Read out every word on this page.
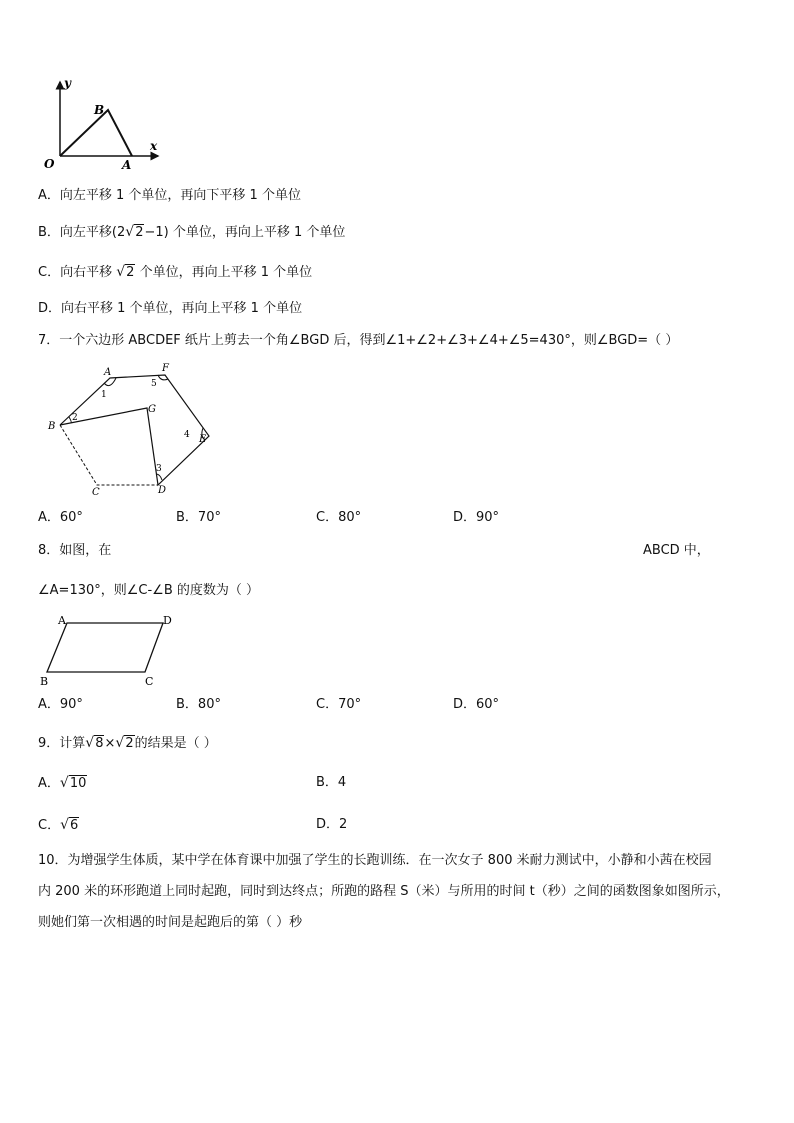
y
x
O	A
B
A．向左平移 1 个单位，再向下平移 1 个单位
B．向左平移(2√2−1) 个单位，再向上平移 1 个单位
C．向右平移 √2 个单位，再向上平移 1 个单位
D．向右平移 1 个单位，再向上平移 1 个单位
7．一个六边形 ABCDEF 纸片上剪去一个角∠BGD 后，得到∠1+∠2+∠3+∠4+∠5=430°，则∠BGD=（ ）
A	F
B
G
E
C	D
1
2
3
4
5
A．60°	B．70°	C．80°	D．90°
8．如图，在	ABCD 中，
∠A=130°，则∠C-∠B 的度数为（ ）
A	D
B	C
A．90°	B．80°	C．70°	D．60°
9．计算√8×√2的结果是（ ）
A．√10	B．4
C．√6	D．2
10．为增强学生体质，某中学在体育课中加强了学生的长跑训练．在一次女子 800 米耐力测试中，小静和小茜在校园
内 200 米的环形跑道上同时起跑，同时到达终点；所跑的路程 S（米）与所用的时间 t（秒）之间的函数图象如图所示，
则她们第一次相遇的时间是起跑后的第（ ）秒
